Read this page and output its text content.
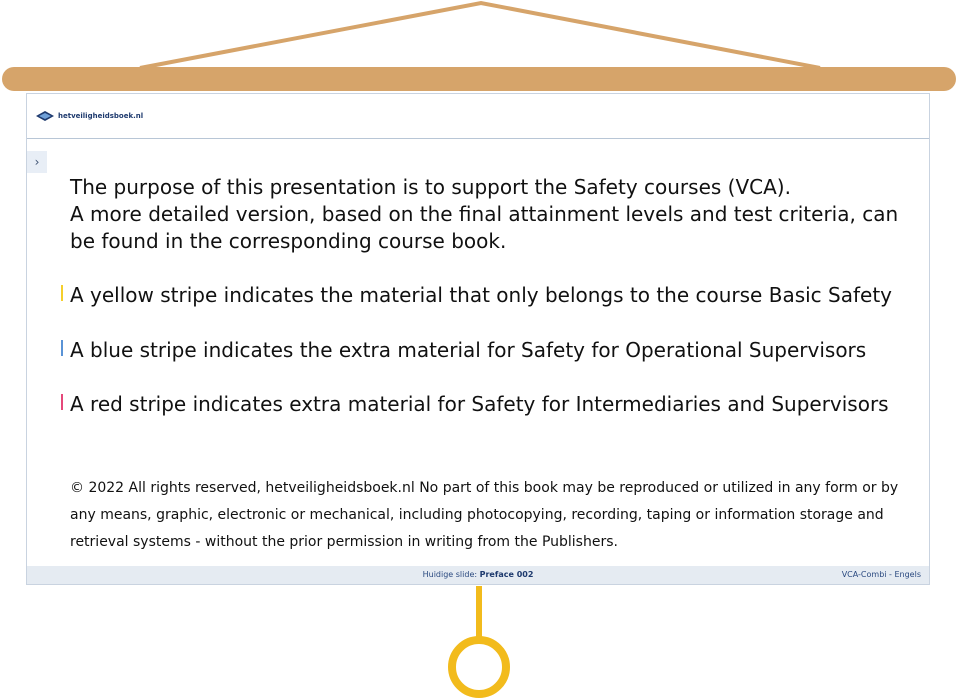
hetveiligheidsboek.nl
›
The purpose of this presentation is to support the Safety courses (VCA).
A more detailed version, based on the final attainment levels and test criteria, can
be found in the corresponding course book.
A yellow stripe indicates the material that only belongs to the course Basic Safety
A blue stripe indicates the extra material for Safety for Operational Supervisors
A red stripe indicates extra material for Safety for Intermediaries and Supervisors
© 2022 All rights reserved, hetveiligheidsboek.nl No part of this book may be reproduced or utilized in any form or by any means, graphic, electronic or mechanical, including photocopying, recording, taping or information storage and retrieval systems - without the prior permission in writing from the Publishers.
Huidige slide: Preface 002	VCA-Combi - Engels
